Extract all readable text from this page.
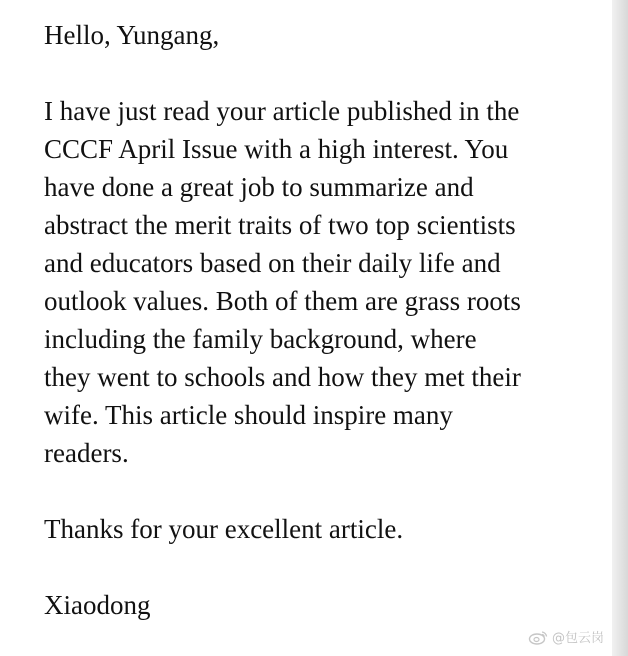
Hello, Yungang,

I have just read your article published in the
CCCF April Issue with a high interest. You
have done a great job to summarize and
abstract the merit traits of two top scientists
and educators based on their daily life and
outlook values. Both of them are grass roots
including the family background, where
they went to schools and how they met their
wife. This article should inspire many
readers.

Thanks for your excellent article.

Xiaodong

@包云岗
